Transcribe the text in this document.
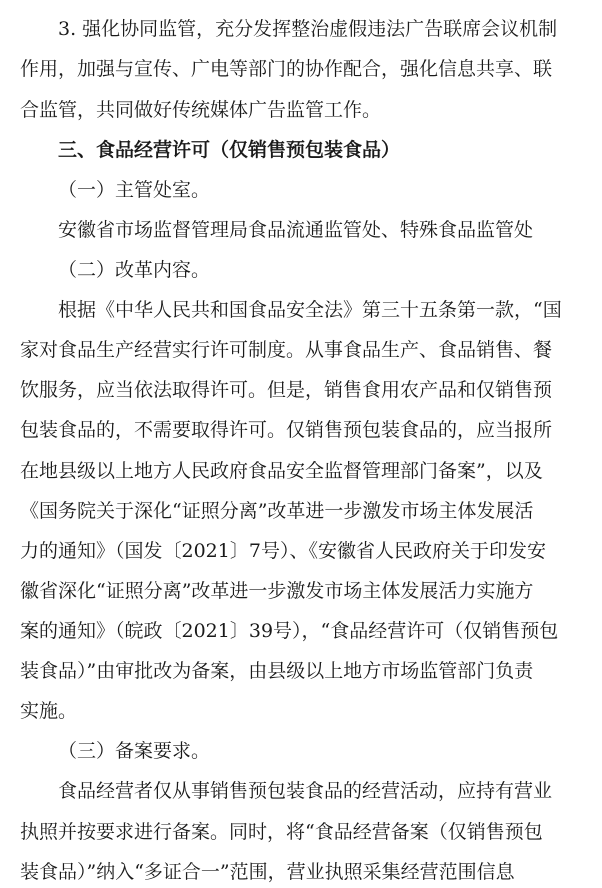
3. 强化协同监管，充分发挥整治虚假违法广告联席会议机制
作用，加强与宣传、广电等部门的协作配合，强化信息共享、联
合监管，共同做好传统媒体广告监管工作。
三、食品经营许可（仅销售预包装食品）
（一）主管处室。
安徽省市场监督管理局食品流通监管处、特殊食品监管处
（二）改革内容。
根据《中华人民共和国食品安全法》第三十五条第一款，“国
家对食品生产经营实行许可制度。从事食品生产、食品销售、餐
饮服务，应当依法取得许可。但是，销售食用农产品和仅销售预
包装食品的，不需要取得许可。仅销售预包装食品的，应当报所
在地县级以上地方人民政府食品安全监督管理部门备案”，以及
《国务院关于深化“证照分离”改革进一步激发市场主体发展活
力的通知》（国发〔2021〕7号）、《安徽省人民政府关于印发安
徽省深化“证照分离”改革进一步激发市场主体发展活力实施方
案的通知》（皖政〔2021〕39号），“食品经营许可（仅销售预包
装食品）”由审批改为备案，由县级以上地方市场监管部门负责
实施。
（三）备案要求。
食品经营者仅从事销售预包装食品的经营活动，应持有营业
执照并按要求进行备案。同时，将“食品经营备案（仅销售预包
装食品）”纳入“多证合一”范围，营业执照采集经营范围信息
